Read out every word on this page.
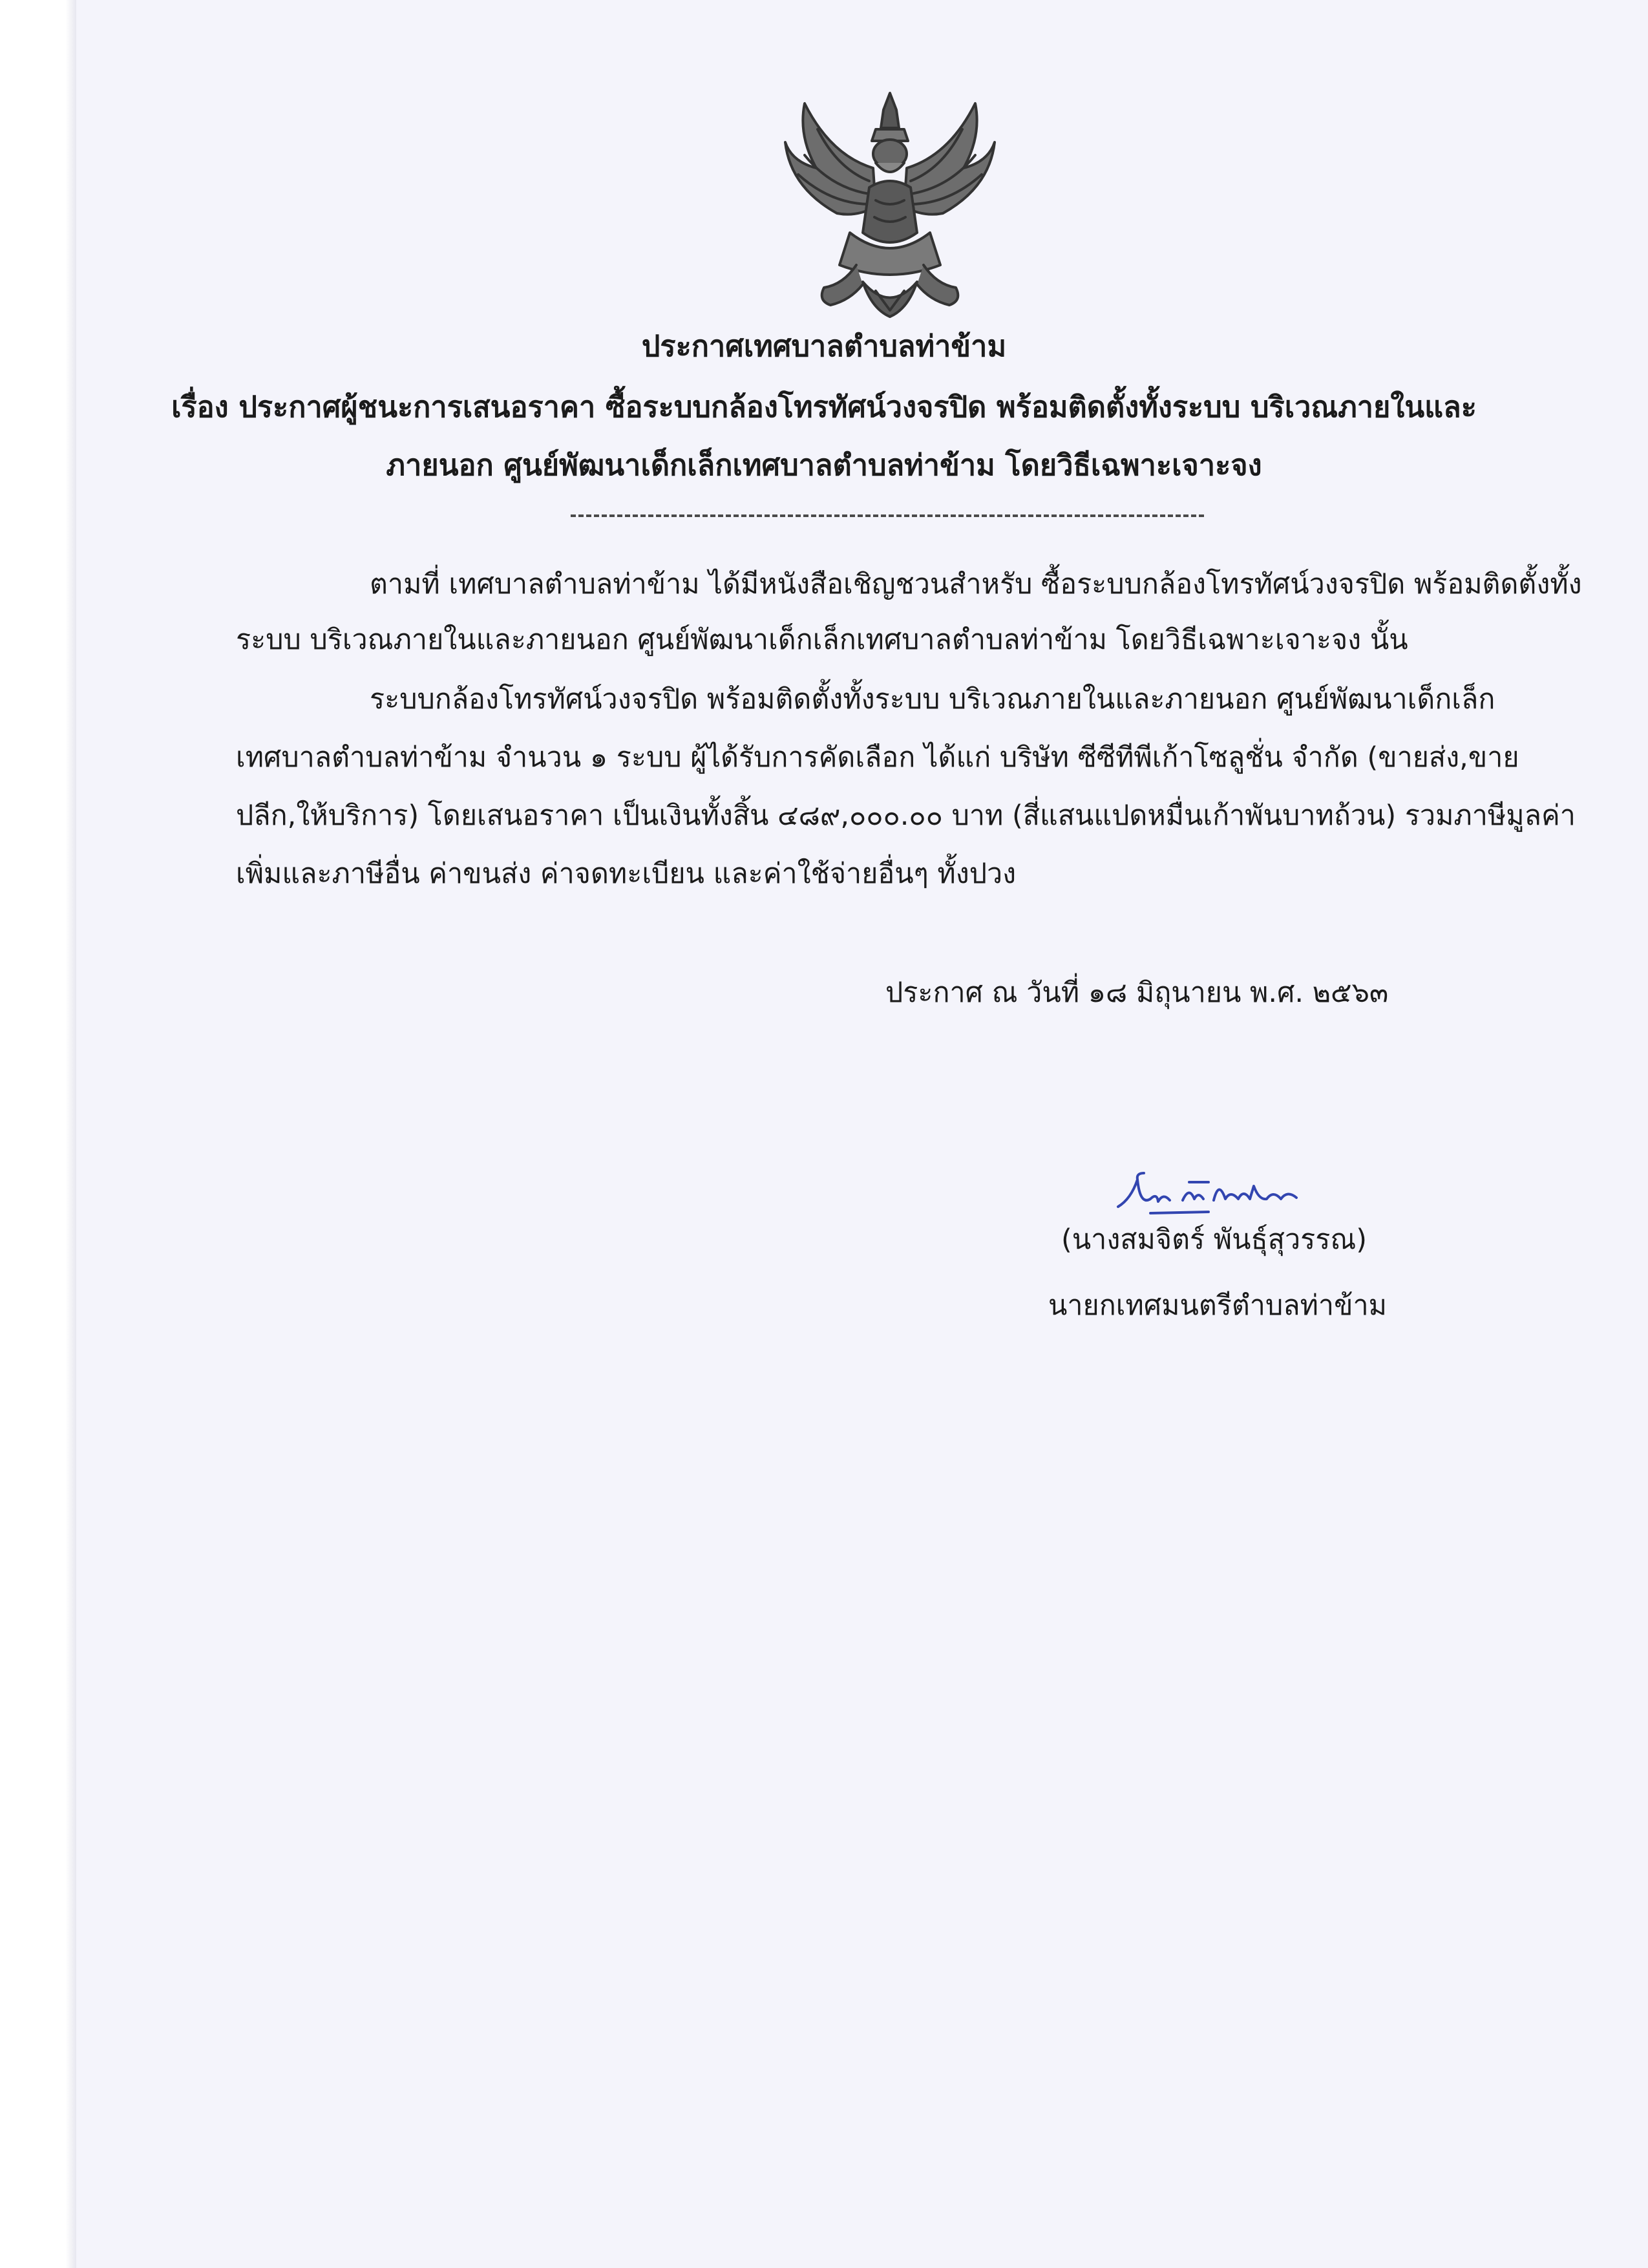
ประกาศเทศบาลตำบลท่าข้าม
เรื่อง ประกาศผู้ชนะการเสนอราคา ซื้อระบบกล้องโทรทัศน์วงจรปิด พร้อมติดตั้งทั้งระบบ บริเวณภายในและ
ภายนอก ศูนย์พัฒนาเด็กเล็กเทศบาลตำบลท่าข้าม โดยวิธีเฉพาะเจาะจง
ตามที่ เทศบาลตำบลท่าข้าม ได้มีหนังสือเชิญชวนสำหรับ ซื้อระบบกล้องโทรทัศน์วงจรปิด พร้อมติดตั้งทั้ง
ระบบ บริเวณภายในและภายนอก ศูนย์พัฒนาเด็กเล็กเทศบาลตำบลท่าข้าม โดยวิธีเฉพาะเจาะจง นั้น
ระบบกล้องโทรทัศน์วงจรปิด พร้อมติดตั้งทั้งระบบ บริเวณภายในและภายนอก ศูนย์พัฒนาเด็กเล็ก
เทศบาลตำบลท่าข้าม จำนวน ๑ ระบบ ผู้ได้รับการคัดเลือก ได้แก่ บริษัท ซีซีทีพีเก้าโซลูชั่น จำกัด (ขายส่ง,ขาย
ปลีก,ให้บริการ) โดยเสนอราคา เป็นเงินทั้งสิ้น ๔๘๙,๐๐๐.๐๐ บาท (สี่แสนแปดหมื่นเก้าพันบาทถ้วน) รวมภาษีมูลค่า
เพิ่มและภาษีอื่น ค่าขนส่ง ค่าจดทะเบียน และค่าใช้จ่ายอื่นๆ ทั้งปวง
ประกาศ ณ วันที่ ๑๘ มิถุนายน พ.ศ. ๒๕๖๓
(นางสมจิตร์ พันธุ์สุวรรณ)
นายกเทศมนตรีตำบลท่าข้าม
